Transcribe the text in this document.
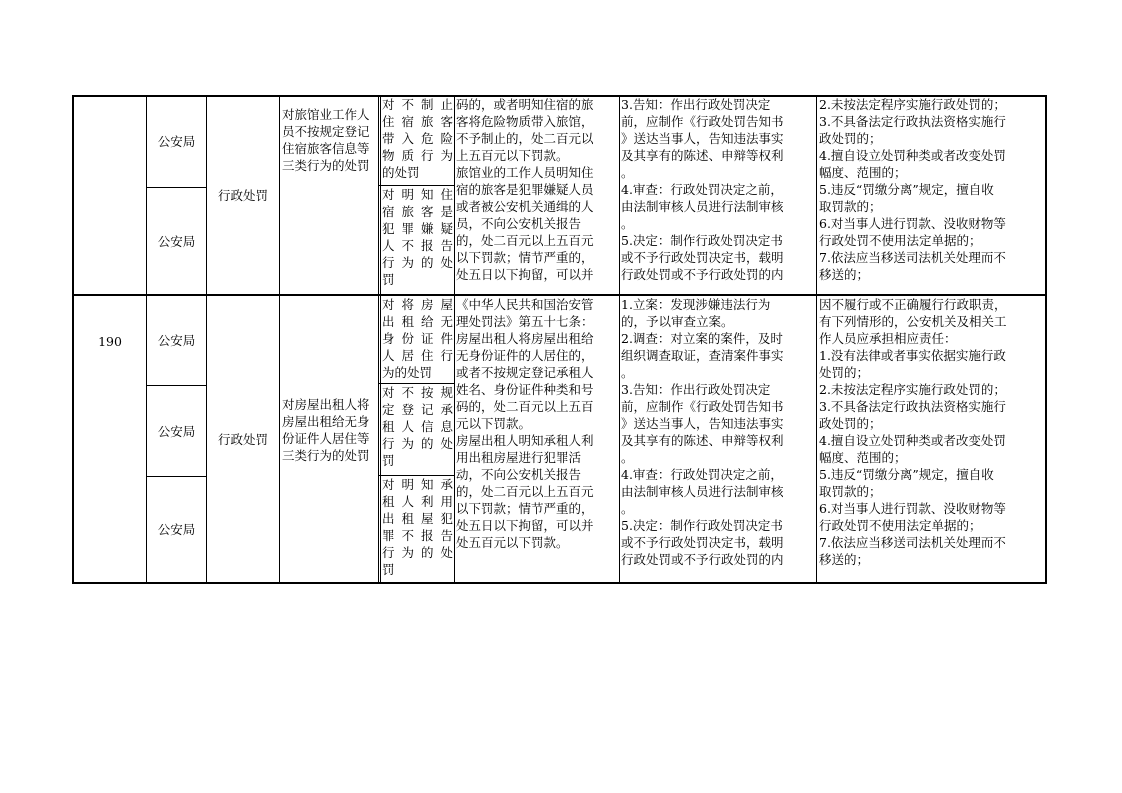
公安局
公安局
行政处罚
对旅馆业工作人员不按规定登记住宿旅客信息等三类行为的处罚
对不制止
住宿旅客
带入危险
物质行为
的处罚
对明知住
宿旅客是
犯罪嫌疑
人不报告
行为的处
罚
码的，或者明知住宿的旅
客将危险物质带入旅馆，
不予制止的，处二百元以
上五百元以下罚款。
旅馆业的工作人员明知住
宿的旅客是犯罪嫌疑人员
或者被公安机关通缉的人
员，不向公安机关报告
的，处二百元以上五百元
以下罚款；情节严重的，
处五日以下拘留，可以并
3.告知：作出行政处罚决定
前，应制作《行政处罚告知书
》送达当事人，告知违法事实
及其享有的陈述、申辩等权利
。
4.审查：行政处罚决定之前，
由法制审核人员进行法制审核
。
5.决定：制作行政处罚决定书
或不予行政处罚决定书，载明
行政处罚或不予行政处罚的内
2.未按法定程序实施行政处罚的；
3.不具备法定行政执法资格实施行
政处罚的；
4.擅自设立处罚种类或者改变处罚
幅度、范围的；
5.违反“罚缴分离”规定，擅自收
取罚款的；
6.对当事人进行罚款、没收财物等
行政处罚不使用法定单据的；
7.依法应当移送司法机关处理而不
移送的；
190	公安局
公安局
公安局
行政处罚
对房屋出租人将房屋出租给无身份证件人居住等三类行为的处罚
对将房屋
出租给无
身份证件
人居住行
为的处罚
对不按规
定登记承
租人信息
行为的处
罚
对明知承
租人利用
出租屋犯
罪不报告
行为的处
罚
《中华人民共和国治安管
理处罚法》第五十七条：
房屋出租人将房屋出租给
无身份证件的人居住的，
或者不按规定登记承租人
姓名、身份证件种类和号
码的，处二百元以上五百
元以下罚款。
房屋出租人明知承租人利
用出租房屋进行犯罪活
动，不向公安机关报告
的，处二百元以上五百元
以下罚款；情节严重的，
处五日以下拘留，可以并
处五百元以下罚款。
1.立案：发现涉嫌违法行为
的，予以审查立案。
2.调查：对立案的案件，及时
组织调查取证，查清案件事实
。
3.告知：作出行政处罚决定
前，应制作《行政处罚告知书
》送达当事人，告知违法事实
及其享有的陈述、申辩等权利
。
4.审查：行政处罚决定之前，
由法制审核人员进行法制审核
。
5.决定：制作行政处罚决定书
或不予行政处罚决定书，载明
行政处罚或不予行政处罚的内
因不履行或不正确履行行政职责，
有下列情形的，公安机关及相关工
作人员应承担相应责任：
1.没有法律或者事实依据实施行政
处罚的；
2.未按法定程序实施行政处罚的；
3.不具备法定行政执法资格实施行
政处罚的；
4.擅自设立处罚种类或者改变处罚
幅度、范围的；
5.违反“罚缴分离”规定，擅自收
取罚款的；
6.对当事人进行罚款、没收财物等
行政处罚不使用法定单据的；
7.依法应当移送司法机关处理而不
移送的；
